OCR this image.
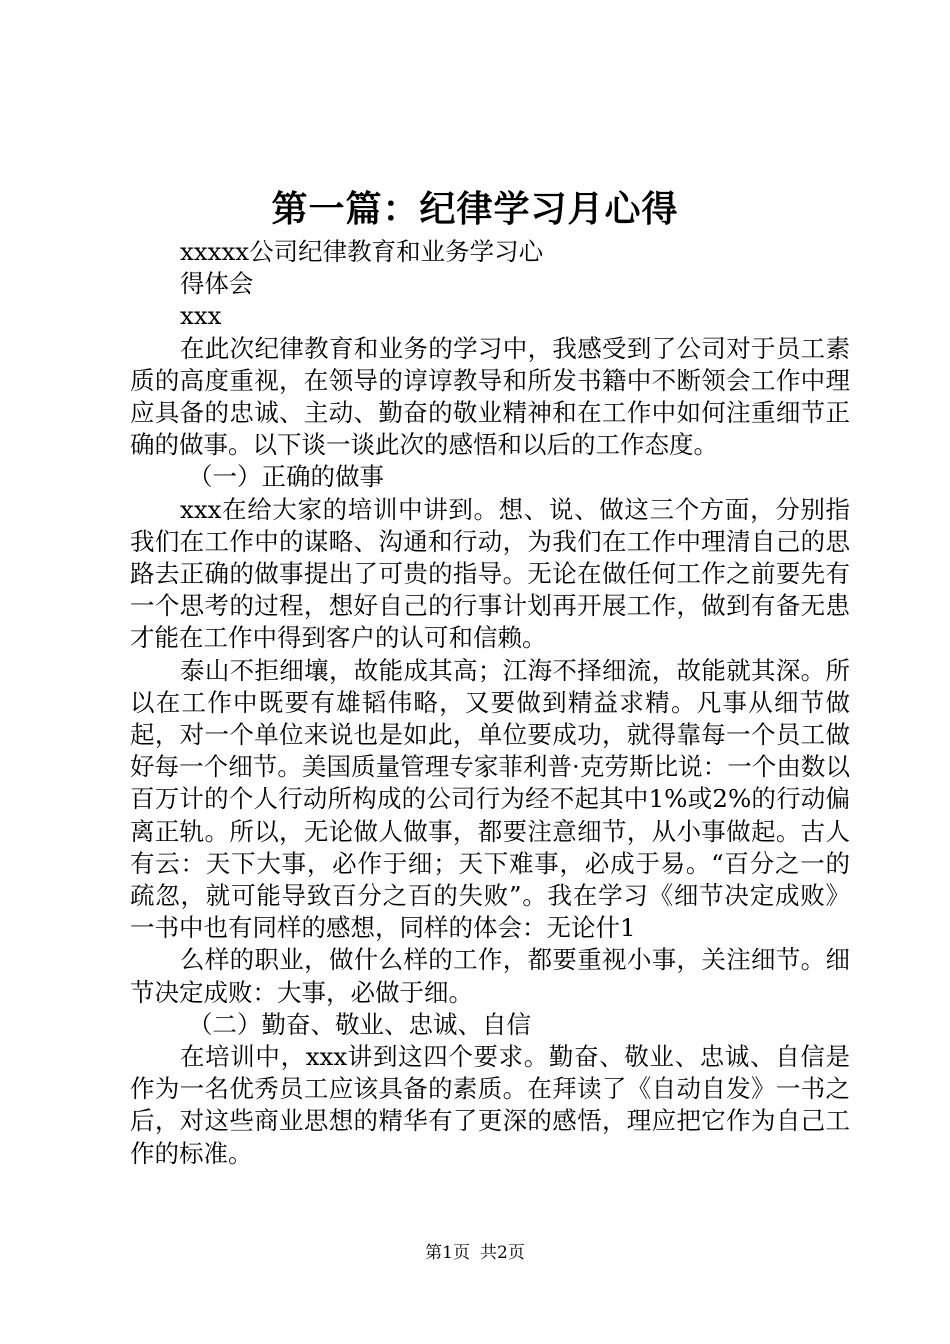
第一篇：纪律学习月心得

xxxxx公司纪律教育和业务学习心

得体会

xxx

在此次纪律教育和业务的学习中，我感受到了公司对于员工素质的高度重视，在领导的谆谆教导和所发书籍中不断领会工作中理应具备的忠诚、主动、勤奋的敬业精神和在工作中如何注重细节正确的做事。以下谈一谈此次的感悟和以后的工作态度。

（一）正确的做事

xxx在给大家的培训中讲到。想、说、做这三个方面，分别指我们在工作中的谋略、沟通和行动，为我们在工作中理清自己的思路去正确的做事提出了可贵的指导。无论在做任何工作之前要先有一个思考的过程，想好自己的行事计划再开展工作，做到有备无患才能在工作中得到客户的认可和信赖。

泰山不拒细壤，故能成其高；江海不择细流，故能就其深。所以在工作中既要有雄韬伟略，又要做到精益求精。凡事从细节做起，对一个单位来说也是如此，单位要成功，就得靠每一个员工做好每一个细节。美国质量管理专家菲利普·克劳斯比说：一个由数以百万计的个人行动所构成的公司行为经不起其中1%或2%的行动偏离正轨。所以，无论做人做事，都要注意细节，从小事做起。古人有云：天下大事，必作于细；天下难事，必成于易。“百分之一的疏忽，就可能导致百分之百的失败”。我在学习《细节决定成败》一书中也有同样的感想，同样的体会：无论什1

么样的职业，做什么样的工作，都要重视小事，关注细节。细节决定成败：大事，必做于细。

（二）勤奋、敬业、忠诚、自信

在培训中，xxx讲到这四个要求。勤奋、敬业、忠诚、自信是作为一名优秀员工应该具备的素质。在拜读了《自动自发》一书之后，对这些商业思想的精华有了更深的感悟，理应把它作为自己工作的标准。

第1页 共2页
